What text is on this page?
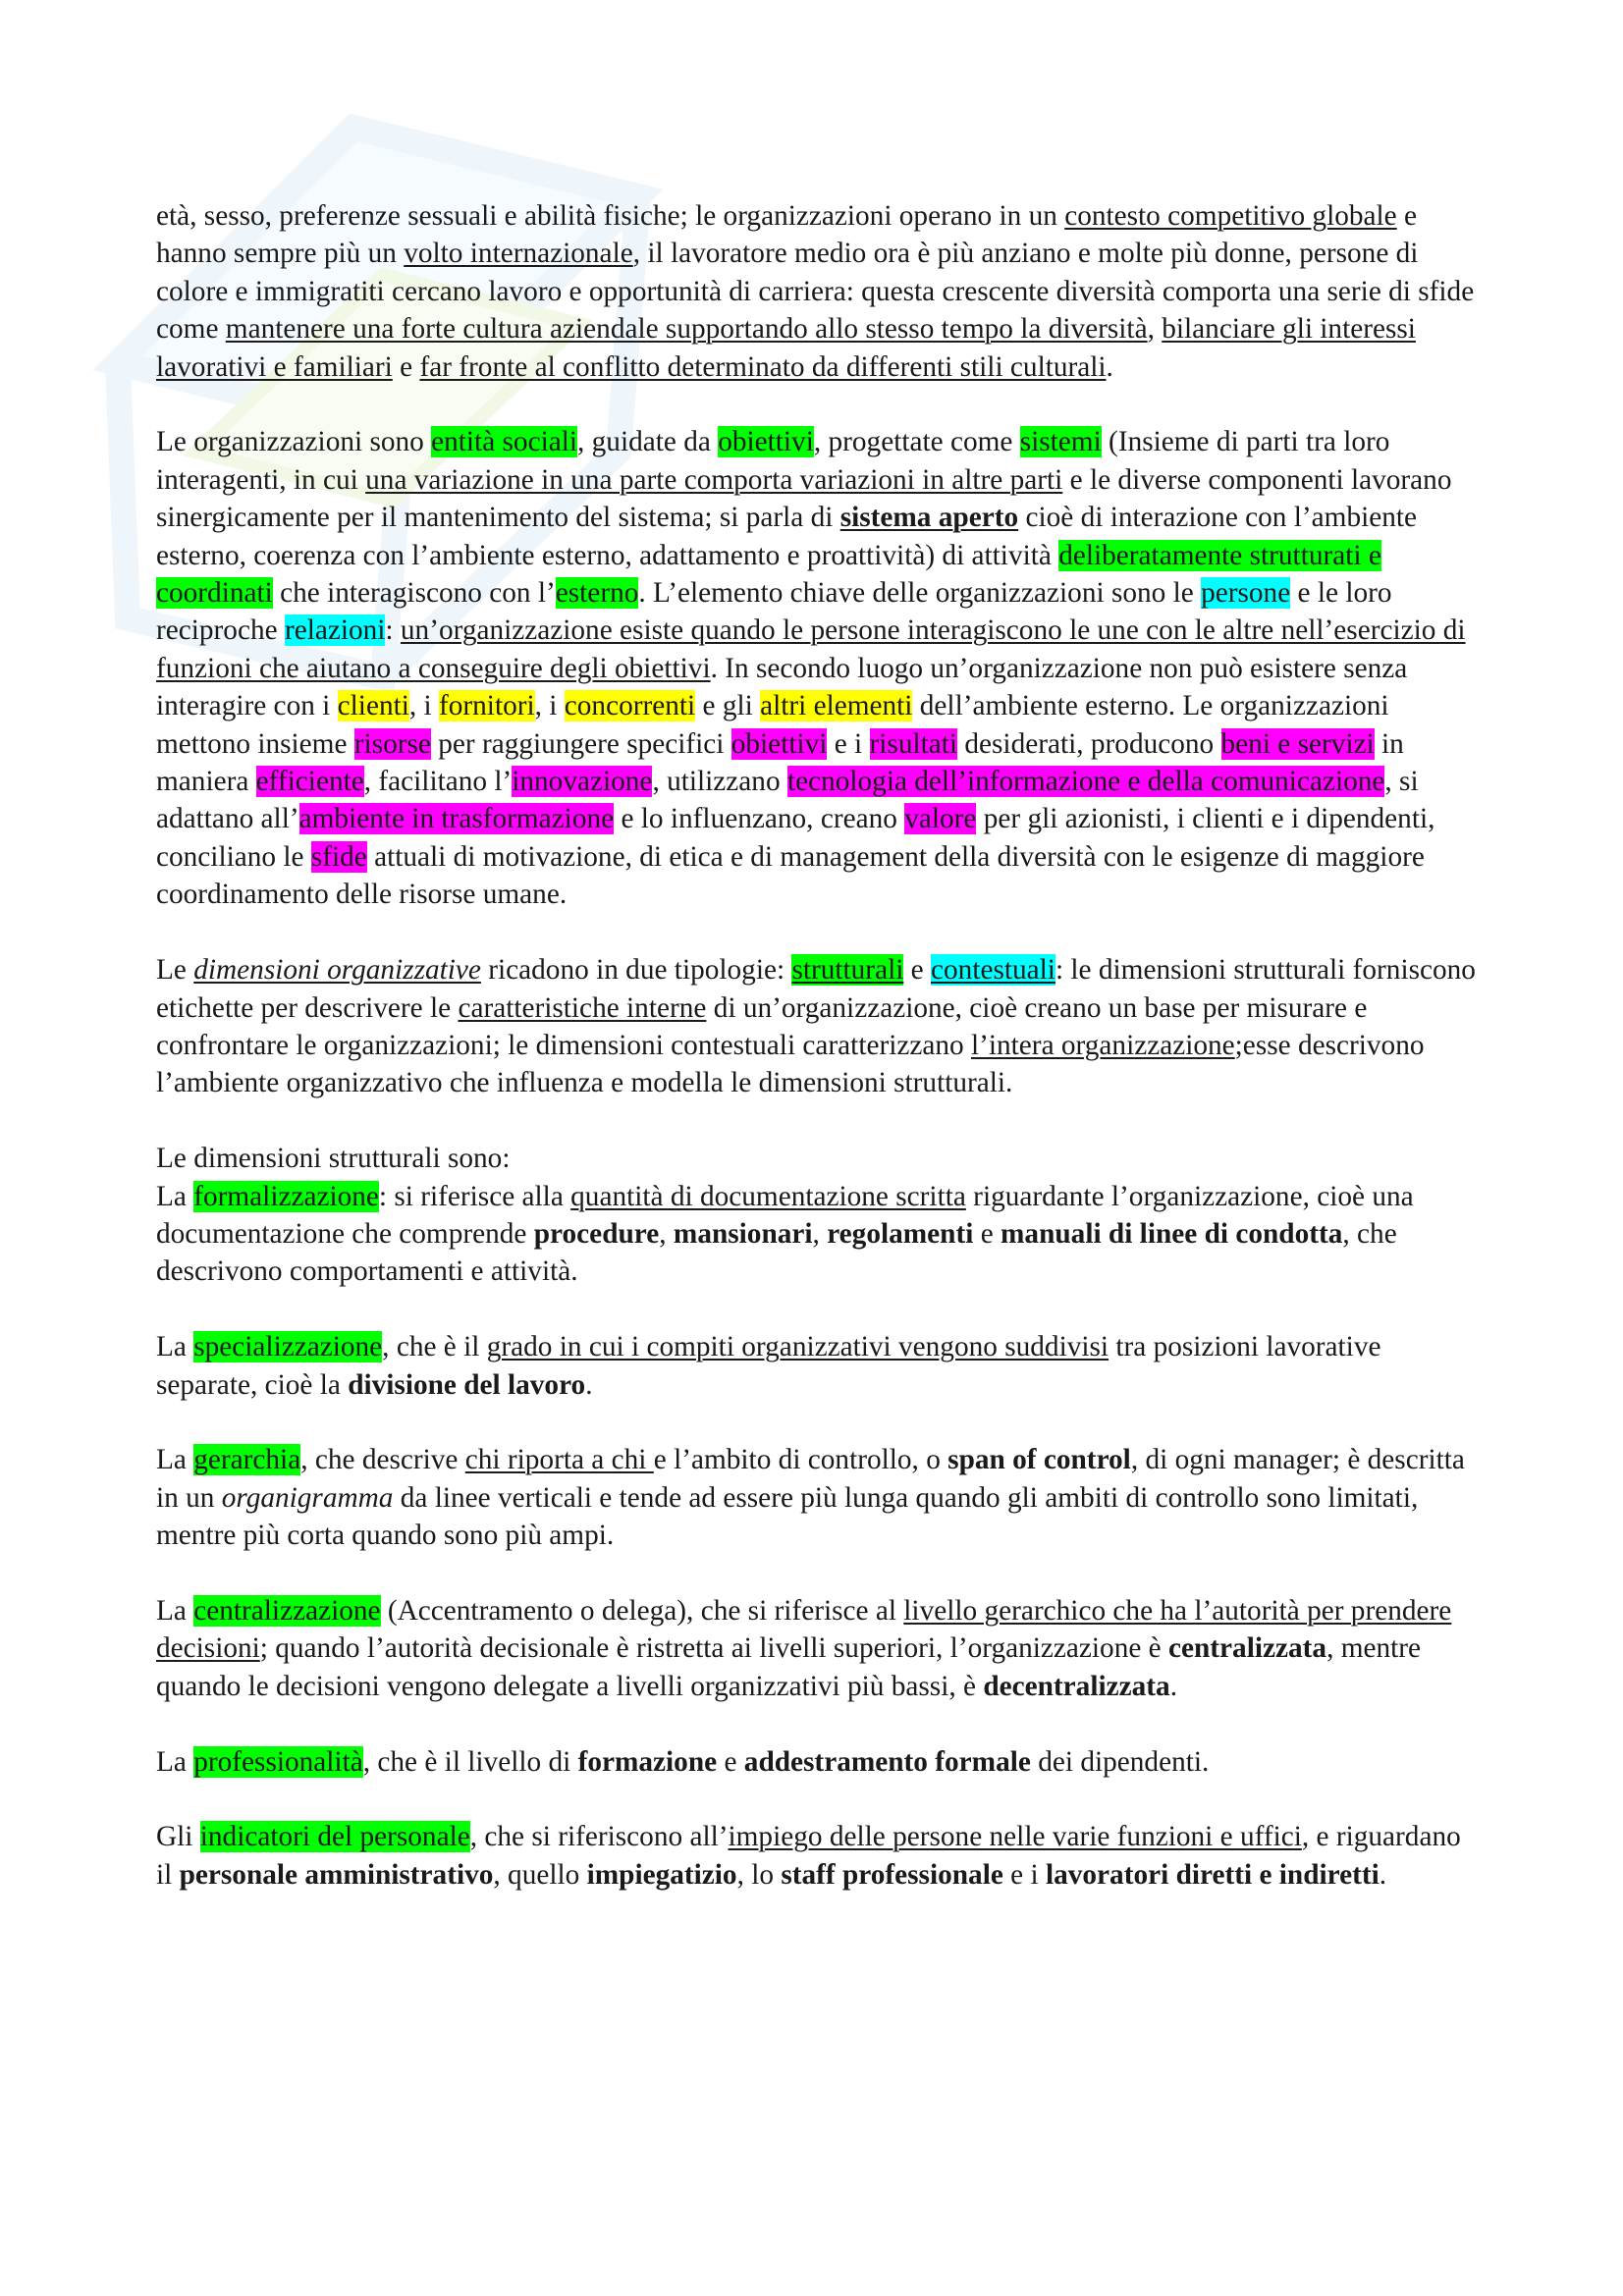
età, sesso, preferenze sessuali e abilità fisiche; le organizzazioni operano in un contesto competitivo globale e hanno sempre più un volto internazionale, il lavoratore medio ora è più anziano e molte più donne, persone di colore e immigratiti cercano lavoro e opportunità di carriera: questa crescente diversità comporta una serie di sfide come mantenere una forte cultura aziendale supportando allo stesso tempo la diversità, bilanciare gli interessi lavorativi e familiari e far fronte al conflitto determinato da differenti stili culturali.

Le organizzazioni sono entità sociali, guidate da obiettivi, progettate come sistemi (Insieme di parti tra loro interagenti, in cui una variazione in una parte comporta variazioni in altre parti e le diverse componenti lavorano sinergicamente per il mantenimento del sistema; si parla di sistema aperto cioè di interazione con l’ambiente esterno, coerenza con l’ambiente esterno, adattamento e proattività) di attività deliberatamente strutturati e coordinati che interagiscono con l’esterno. L’elemento chiave delle organizzazioni sono le persone e le loro reciproche relazioni: un’organizzazione esiste quando le persone interagiscono le une con le altre nell’esercizio di funzioni che aiutano a conseguire degli obiettivi. In secondo luogo un’organizzazione non può esistere senza interagire con i clienti, i fornitori, i concorrenti e gli altri elementi dell’ambiente esterno. Le organizzazioni mettono insieme risorse per raggiungere specifici obiettivi e i risultati desiderati, producono beni e servizi in maniera efficiente, facilitano l’innovazione, utilizzano tecnologia dell’informazione e della comunicazione, si adattano all’ambiente in trasformazione e lo influenzano, creano valore per gli azionisti, i clienti e i dipendenti, conciliano le sfide attuali di motivazione, di etica e di management della diversità con le esigenze di maggiore coordinamento delle risorse umane.

Le dimensioni organizzative ricadono in due tipologie: strutturali e contestuali: le dimensioni strutturali forniscono etichette per descrivere le caratteristiche interne di un’organizzazione, cioè creano un base per misurare e confrontare le organizzazioni; le dimensioni contestuali caratterizzano l’intera organizzazione;esse descrivono l’ambiente organizzativo che influenza e modella le dimensioni strutturali.

Le dimensioni strutturali sono:

La formalizzazione: si riferisce alla quantità di documentazione scritta riguardante l’organizzazione, cioè una documentazione che comprende procedure, mansionari, regolamenti e manuali di linee di condotta, che descrivono comportamenti e attività.

La specializzazione, che è il grado in cui i compiti organizzativi vengono suddivisi tra posizioni lavorative separate, cioè la divisione del lavoro.

La gerarchia, che descrive chi riporta a chi e l’ambito di controllo, o span of control, di ogni manager; è descritta in un organigramma da linee verticali e tende ad essere più lunga quando gli ambiti di controllo sono limitati, mentre più corta quando sono più ampi.

La centralizzazione (Accentramento o delega), che si riferisce al livello gerarchico che ha l’autorità per prendere decisioni; quando l’autorità decisionale è ristretta ai livelli superiori, l’organizzazione è centralizzata, mentre quando le decisioni vengono delegate a livelli organizzativi più bassi, è decentralizzata.

La professionalità, che è il livello di formazione e addestramento formale dei dipendenti.

Gli indicatori del personale, che si riferiscono all’impiego delle persone nelle varie funzioni e uffici, e riguardano il personale amministrativo, quello impiegatizio, lo staff professionale e i lavoratori diretti e indiretti.
